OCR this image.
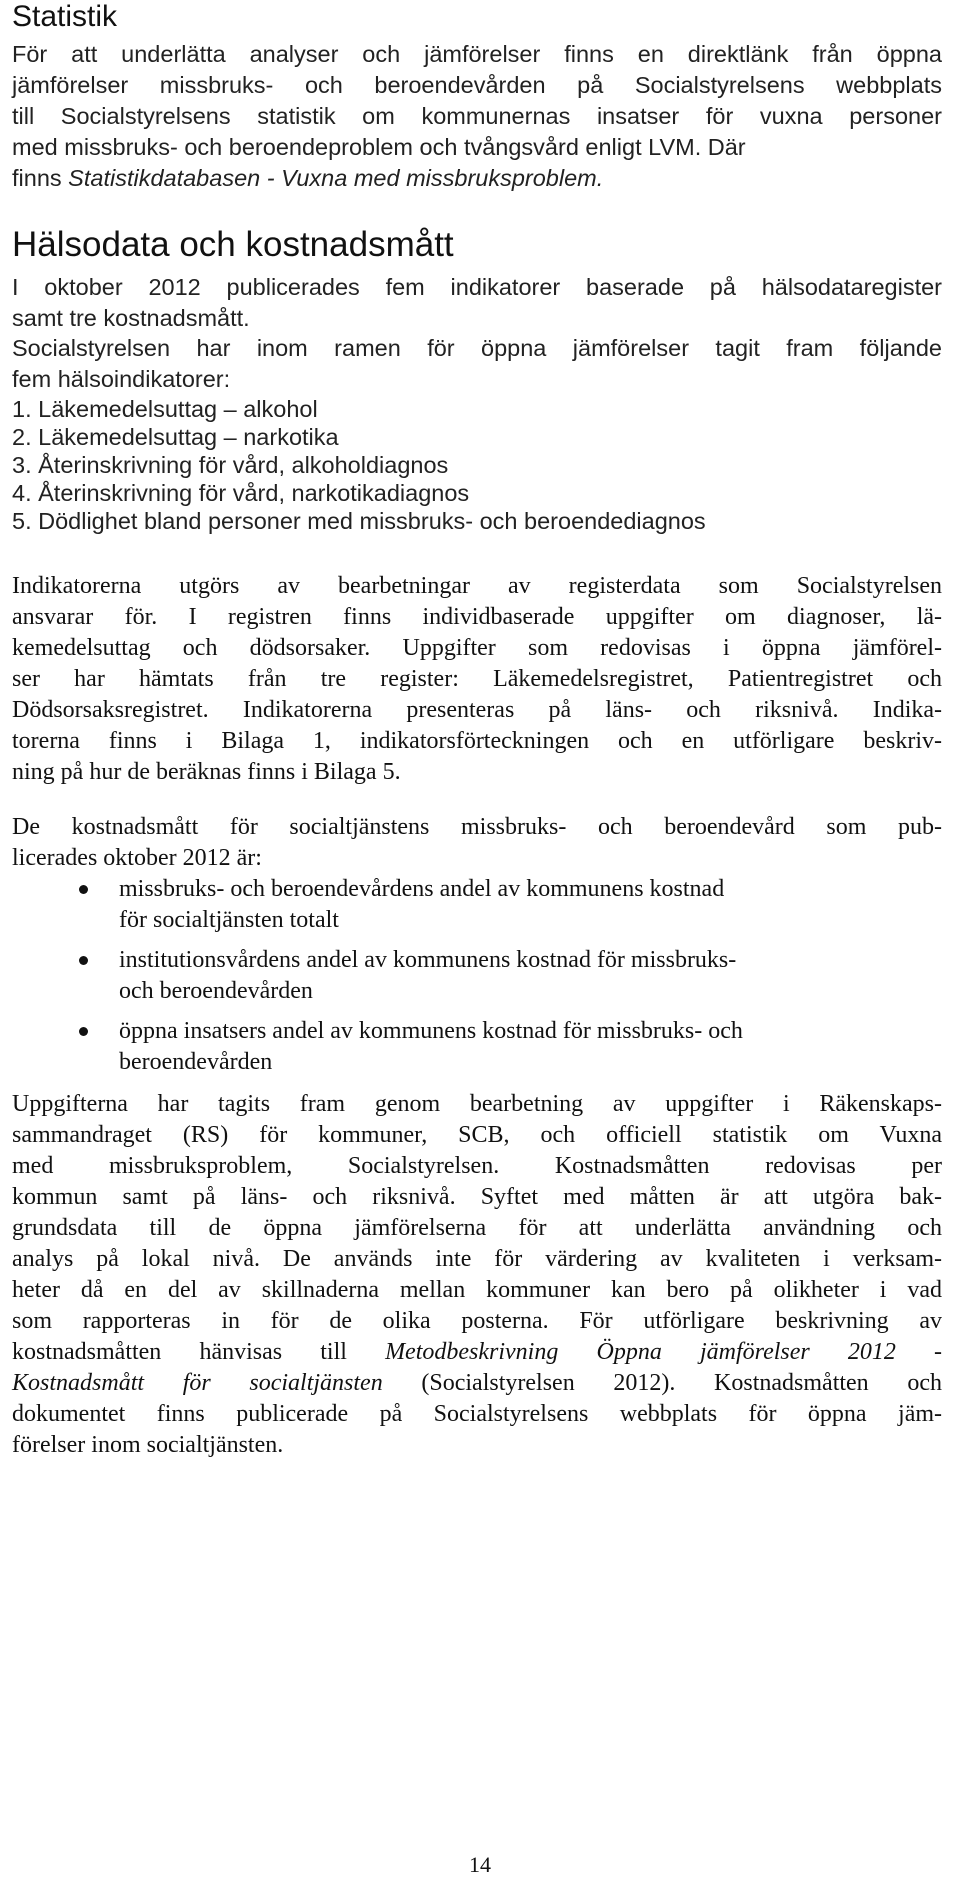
Statistik

För att underlätta analyser och jämförelser finns en direktlänk från öppna
jämförelser missbruks- och beroendevården på Socialstyrelsens webbplats
till Socialstyrelsens statistik om kommunernas insatser för vuxna personer
med missbruks- och beroendeproblem och tvångsvård enligt LVM. Där
finns Statistikdatabasen - Vuxna med missbruksproblem.

Hälsodata och kostnadsmått

I oktober 2012 publicerades fem indikatorer baserade på hälsodataregister
samt tre kostnadsmått.

Socialstyrelsen har inom ramen för öppna jämförelser tagit fram följande
fem hälsoindikatorer:

1. Läkemedelsuttag – alkohol
2. Läkemedelsuttag – narkotika
3. Återinskrivning för vård, alkoholdiagnos
4. Återinskrivning för vård, narkotikadiagnos
5. Dödlighet bland personer med missbruks- och beroendediagnos

Indikatorerna utgörs av bearbetningar av registerdata som Socialstyrelsen
ansvarar för. I registren finns individbaserade uppgifter om diagnoser, lä-
kemedelsuttag och dödsorsaker. Uppgifter som redovisas i öppna jämförel-
ser har hämtats från tre register: Läkemedelsregistret, Patientregistret och
Dödsorsaksregistret. Indikatorerna presenteras på läns- och riksnivå. Indika-
torerna finns i Bilaga 1, indikatorsförteckningen och en utförligare beskriv-
ning på hur de beräknas finns i Bilaga 5.

De kostnadsmått för socialtjänstens missbruks- och beroendevård som pub-
licerades oktober 2012 är:

missbruks- och beroendevårdens andel av kommunens kostnad
för socialtjänsten totalt
institutionsvårdens andel av kommunens kostnad för missbruks-
och beroendevården
öppna insatsers andel av kommunens kostnad för missbruks- och
beroendevården

Uppgifterna har tagits fram genom bearbetning av uppgifter i Räkenskaps-
sammandraget (RS) för kommuner, SCB, och officiell statistik om Vuxna
med missbruksproblem, Socialstyrelsen. Kostnadsmåtten redovisas per
kommun samt på läns- och riksnivå. Syftet med måtten är att utgöra bak-
grundsdata till de öppna jämförelserna för att underlätta användning och
analys på lokal nivå. De används inte för värdering av kvaliteten i verksam-
heter då en del av skillnaderna mellan kommuner kan bero på olikheter i vad
som rapporteras in för de olika posterna. För utförligare beskrivning av
kostnadsmåtten hänvisas till Metodbeskrivning Öppna jämförelser 2012 -
Kostnadsmått för socialtjänsten (Socialstyrelsen 2012). Kostnadsmåtten och
dokumentet finns publicerade på Socialstyrelsens webbplats för öppna jäm-
förelser inom socialtjänsten.

14
